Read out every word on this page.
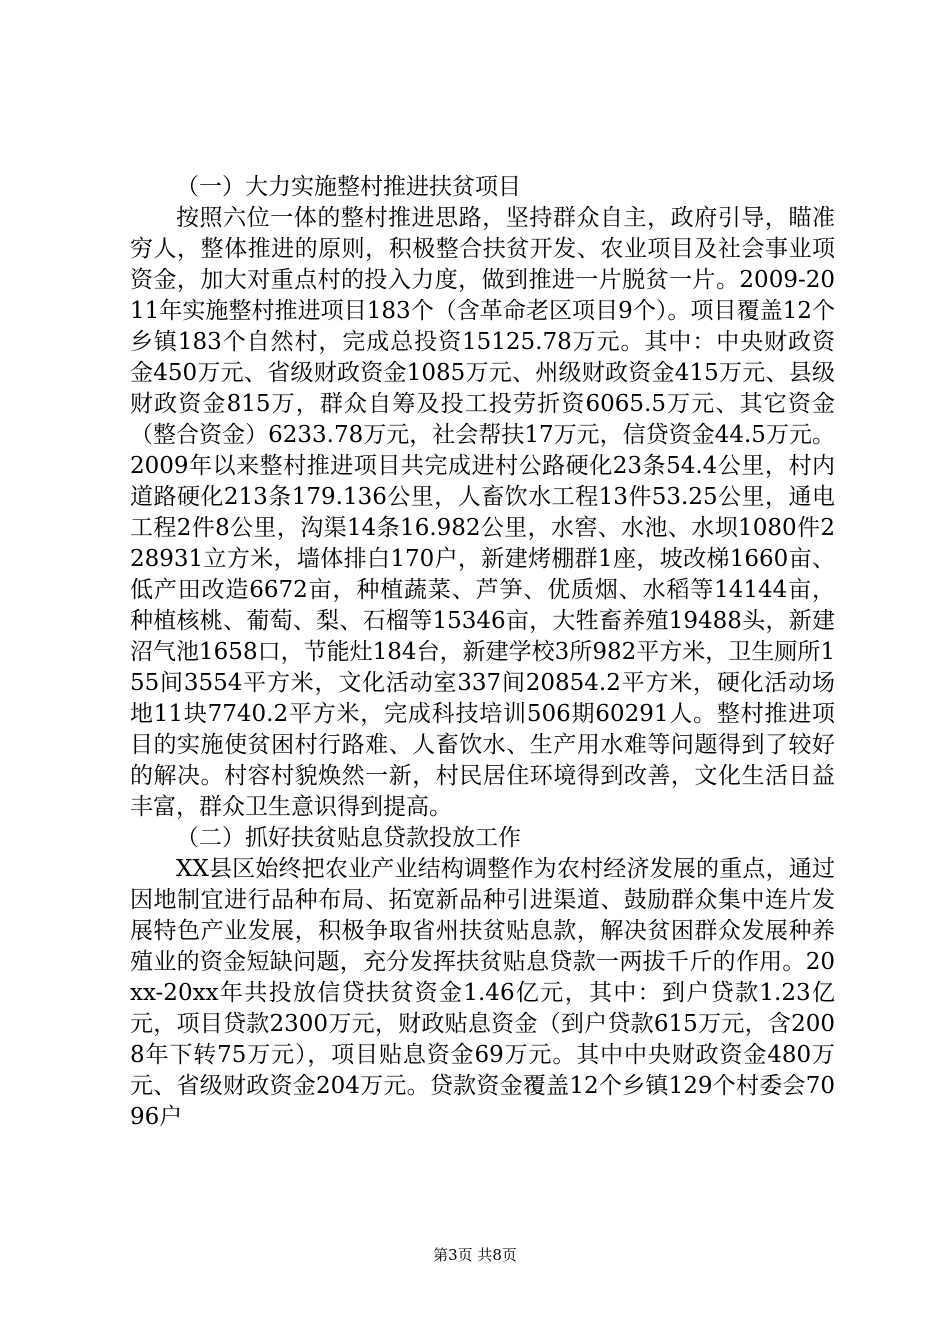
（一）大力实施整村推进扶贫项目

按照六位一体的整村推进思路，坚持群众自主，政府引导，瞄准穷人，整体推进的原则，积极整合扶贫开发、农业项目及社会事业项资金，加大对重点村的投入力度，做到推进一片脱贫一片。2009-2011年实施整村推进项目183个（含革命老区项目9个）。项目覆盖12个乡镇183个自然村，完成总投资15125.78万元。其中：中央财政资金450万元、省级财政资金1085万元、州级财政资金415万元、县级财政资金815万，群众自筹及投工投劳折资6065.5万元、其它资金（整合资金）6233.78万元，社会帮扶17万元，信贷资金44.5万元。2009年以来整村推进项目共完成进村公路硬化23条54.4公里，村内道路硬化213条179.136公里，人畜饮水工程13件53.25公里，通电工程2件8公里，沟渠14条16.982公里，水窖、水池、水坝1080件228931立方米，墙体排白170户，新建烤棚群1座，坡改梯1660亩、低产田改造6672亩，种植蔬菜、芦笋、优质烟、水稻等14144亩，种植核桃、葡萄、梨、石榴等15346亩，大牲畜养殖19488头，新建沼气池1658口，节能灶184台，新建学校3所982平方米，卫生厕所155间3554平方米，文化活动室337间20854.2平方米，硬化活动场地11块7740.2平方米，完成科技培训506期60291人。整村推进项目的实施使贫困村行路难、人畜饮水、生产用水难等问题得到了较好的解决。村容村貌焕然一新，村民居住环境得到改善，文化生活日益丰富，群众卫生意识得到提高。

（二）抓好扶贫贴息贷款投放工作

XX县区始终把农业产业结构调整作为农村经济发展的重点，通过因地制宜进行品种布局、拓宽新品种引进渠道、鼓励群众集中连片发展特色产业发展，积极争取省州扶贫贴息款，解决贫困群众发展种养殖业的资金短缺问题，充分发挥扶贫贴息贷款一两拔千斤的作用。20xx-20xx年共投放信贷扶贫资金1.46亿元，其中：到户贷款1.23亿元，项目贷款2300万元，财政贴息资金（到户贷款615万元，含2008年下转75万元），项目贴息资金69万元。其中中央财政资金480万元、省级财政资金204万元。贷款资金覆盖12个乡镇129个村委会7096户

第3页 共8页
